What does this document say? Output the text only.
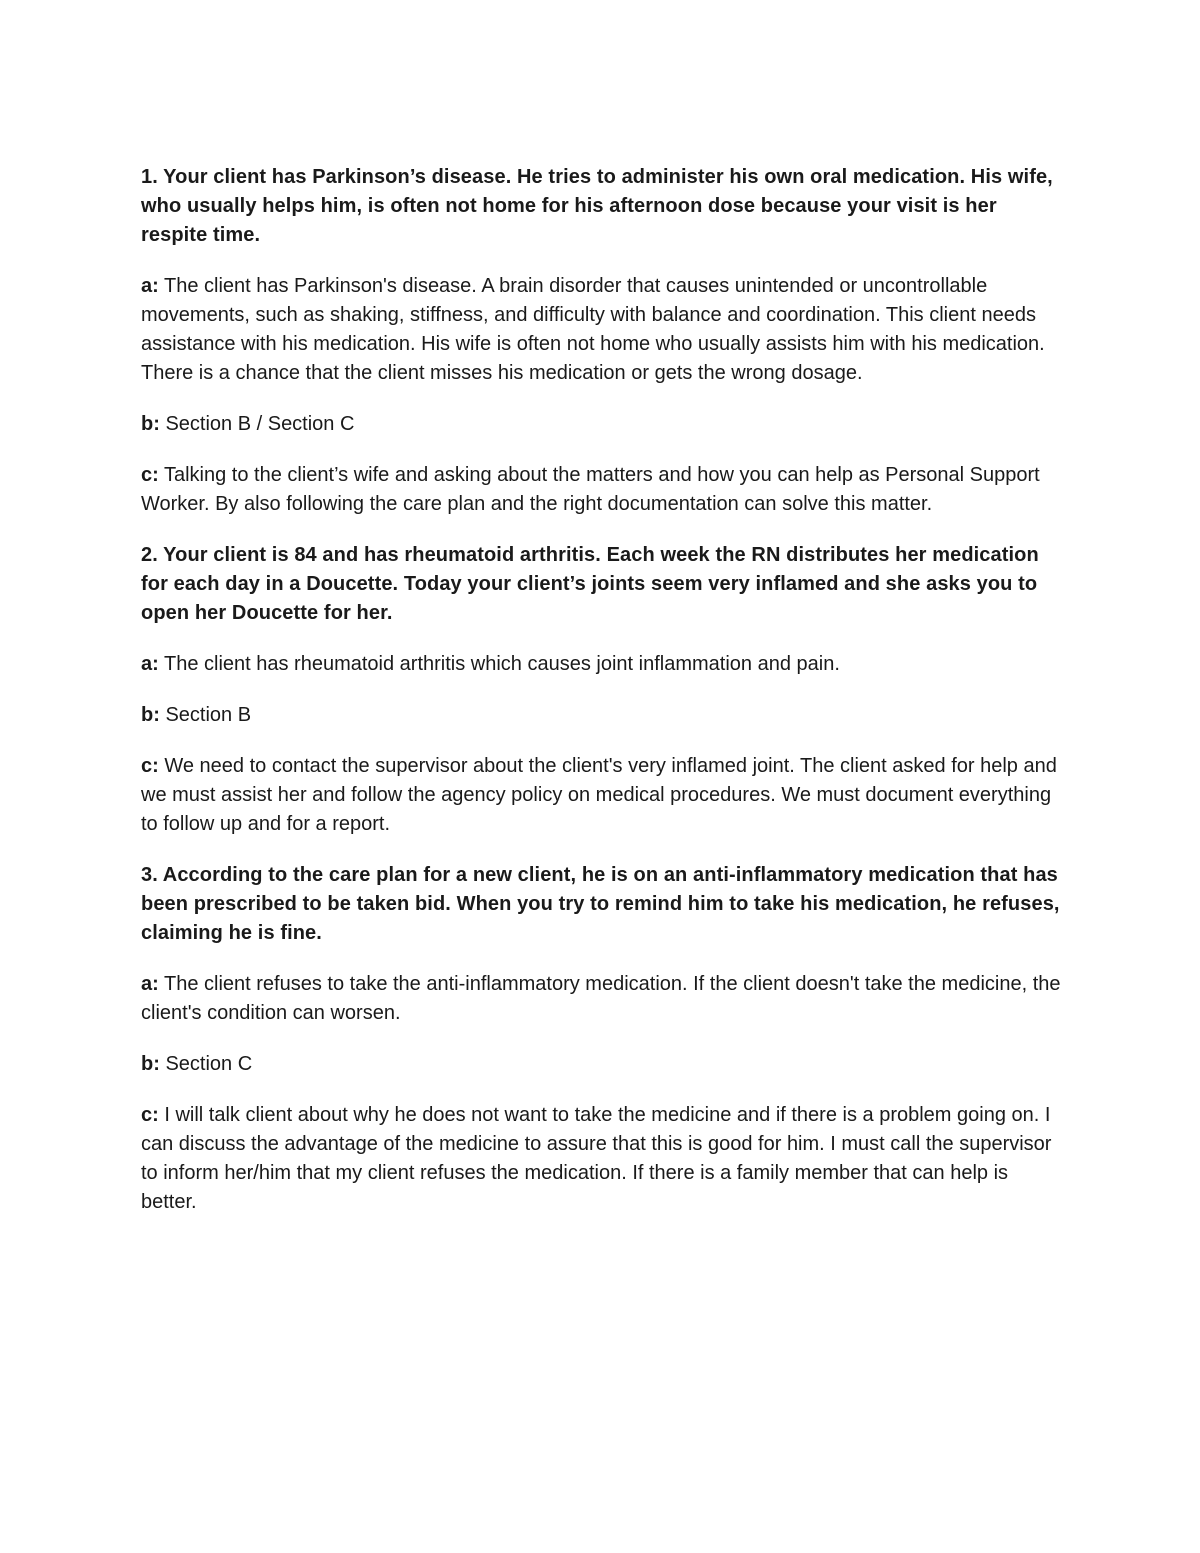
1. Your client has Parkinson’s disease. He tries to administer his own oral medication. His wife, who usually helps him, is often not home for his afternoon dose because your visit is her respite time.

a: The client has Parkinson's disease. A brain disorder that causes unintended or uncontrollable movements, such as shaking, stiffness, and difficulty with balance and coordination. This client needs assistance with his medication. His wife is often not home who usually assists him with his medication. There is a chance that the client misses his medication or gets the wrong dosage.

b: Section B / Section C

c: Talking to the client’s wife and asking about the matters and how you can help as Personal Support Worker. By also following the care plan and the right documentation can solve this matter.

2. Your client is 84 and has rheumatoid arthritis. Each week the RN distributes her medication for each day in a Doucette. Today your client’s joints seem very inflamed and she asks you to open her Doucette for her.

a: The client has rheumatoid arthritis which causes joint inflammation and pain.

b: Section B

c: We need to contact the supervisor about the client's very inflamed joint. The client asked for help and we must assist her and follow the agency policy on medical procedures. We must document everything to follow up and for a report.

3. According to the care plan for a new client, he is on an anti-inflammatory medication that has been prescribed to be taken bid. When you try to remind him to take his medication, he refuses, claiming he is fine.

a: The client refuses to take the anti-inflammatory medication. If the client doesn't take the medicine, the client's condition can worsen.

b: Section C

c: I will talk client about why he does not want to take the medicine and if there is a problem going on. I can discuss the advantage of the medicine to assure that this is good for him. I must call the supervisor to inform her/him that my client refuses the medication. If there is a family member that can help is better.
